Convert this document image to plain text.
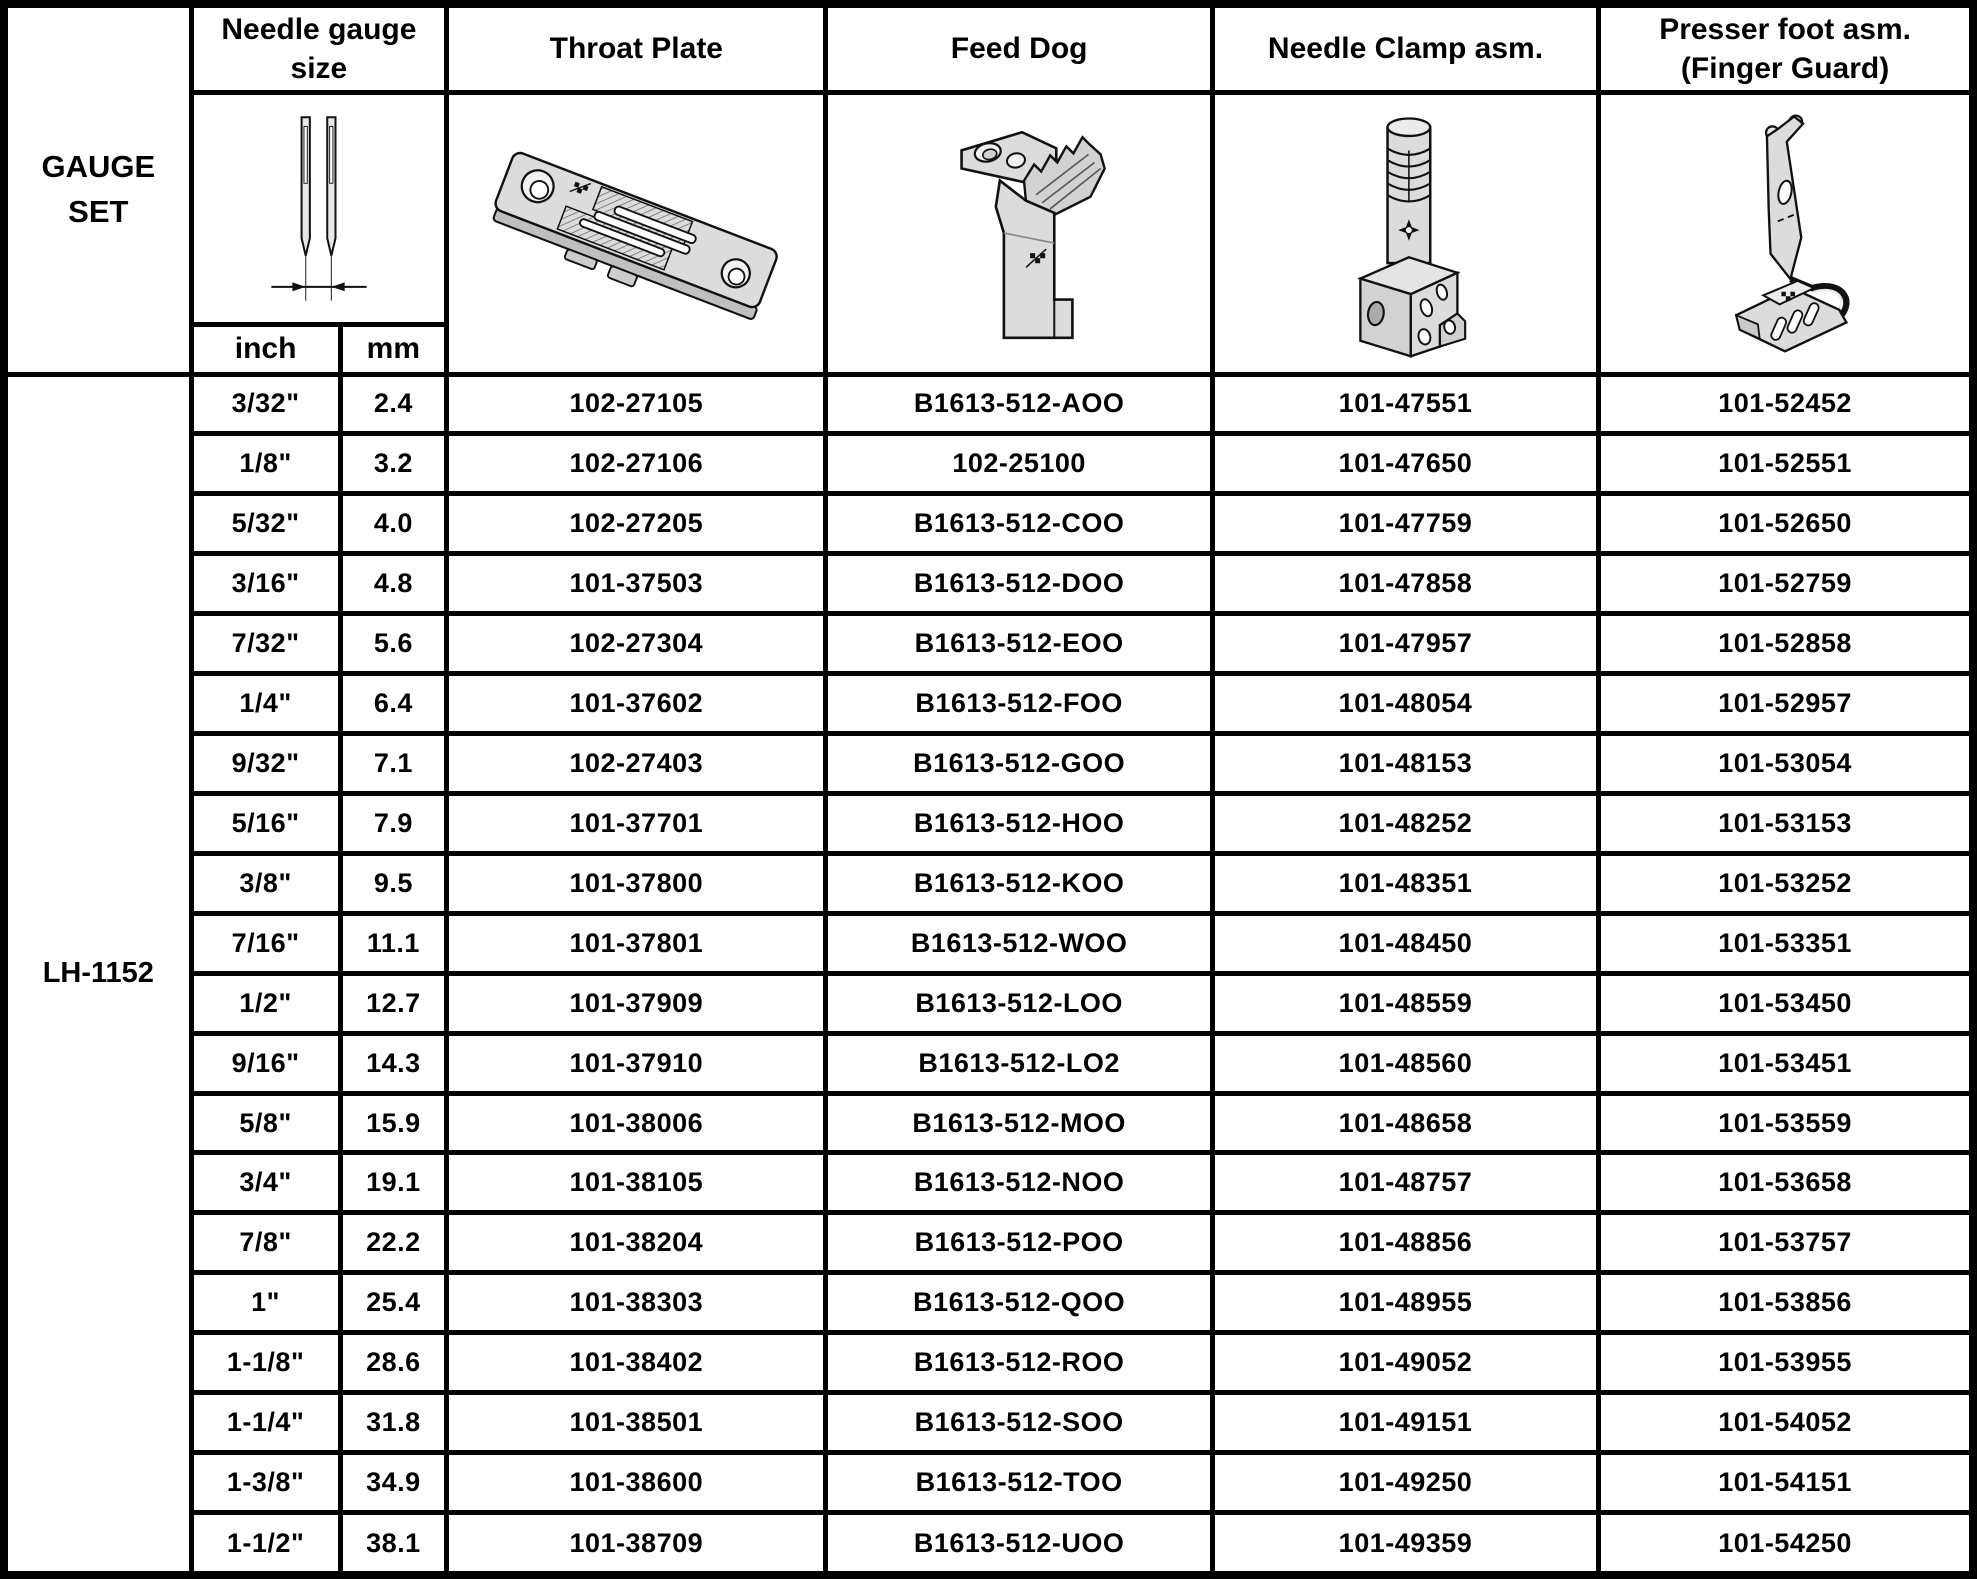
GAUGE SET	Needle gauge size		Throat Plate	Feed Dog	Needle Clamp asm.	Presser foot asm.
(Finger Guard)

	inch	mm				

LH-1152	3/32"	2.4	102-27105	B1613-512-AOO	101-47551	101-52452
	1/8"	3.2	102-27106	102-25100	101-47650	101-52551
	5/32"	4.0	102-27205	B1613-512-COO	101-47759	101-52650
	3/16"	4.8	101-37503	B1613-512-DOO	101-47858	101-52759
	7/32"	5.6	102-27304	B1613-512-EOO	101-47957	101-52858
	1/4"	6.4	101-37602	B1613-512-FOO	101-48054	101-52957
	9/32"	7.1	102-27403	B1613-512-GOO	101-48153	101-53054
	5/16"	7.9	101-37701	B1613-512-HOO	101-48252	101-53153
	3/8"	9.5	101-37800	B1613-512-KOO	101-48351	101-53252
	7/16"	11.1	101-37801	B1613-512-WOO	101-48450	101-53351
	1/2"	12.7	101-37909	B1613-512-LOO	101-48559	101-53450
	9/16"	14.3	101-37910	B1613-512-LO2	101-48560	101-53451
	5/8"	15.9	101-38006	B1613-512-MOO	101-48658	101-53559
	3/4"	19.1	101-38105	B1613-512-NOO	101-48757	101-53658
	7/8"	22.2	101-38204	B1613-512-POO	101-48856	101-53757
	1"	25.4	101-38303	B1613-512-QOO	101-48955	101-53856
	1-1/8"	28.6	101-38402	B1613-512-ROO	101-49052	101-53955
	1-1/4"	31.8	101-38501	B1613-512-SOO	101-49151	101-54052
	1-3/8"	34.9	101-38600	B1613-512-TOO	101-49250	101-54151
	1-1/2"	38.1	101-38709	B1613-512-UOO	101-49359	101-54250
